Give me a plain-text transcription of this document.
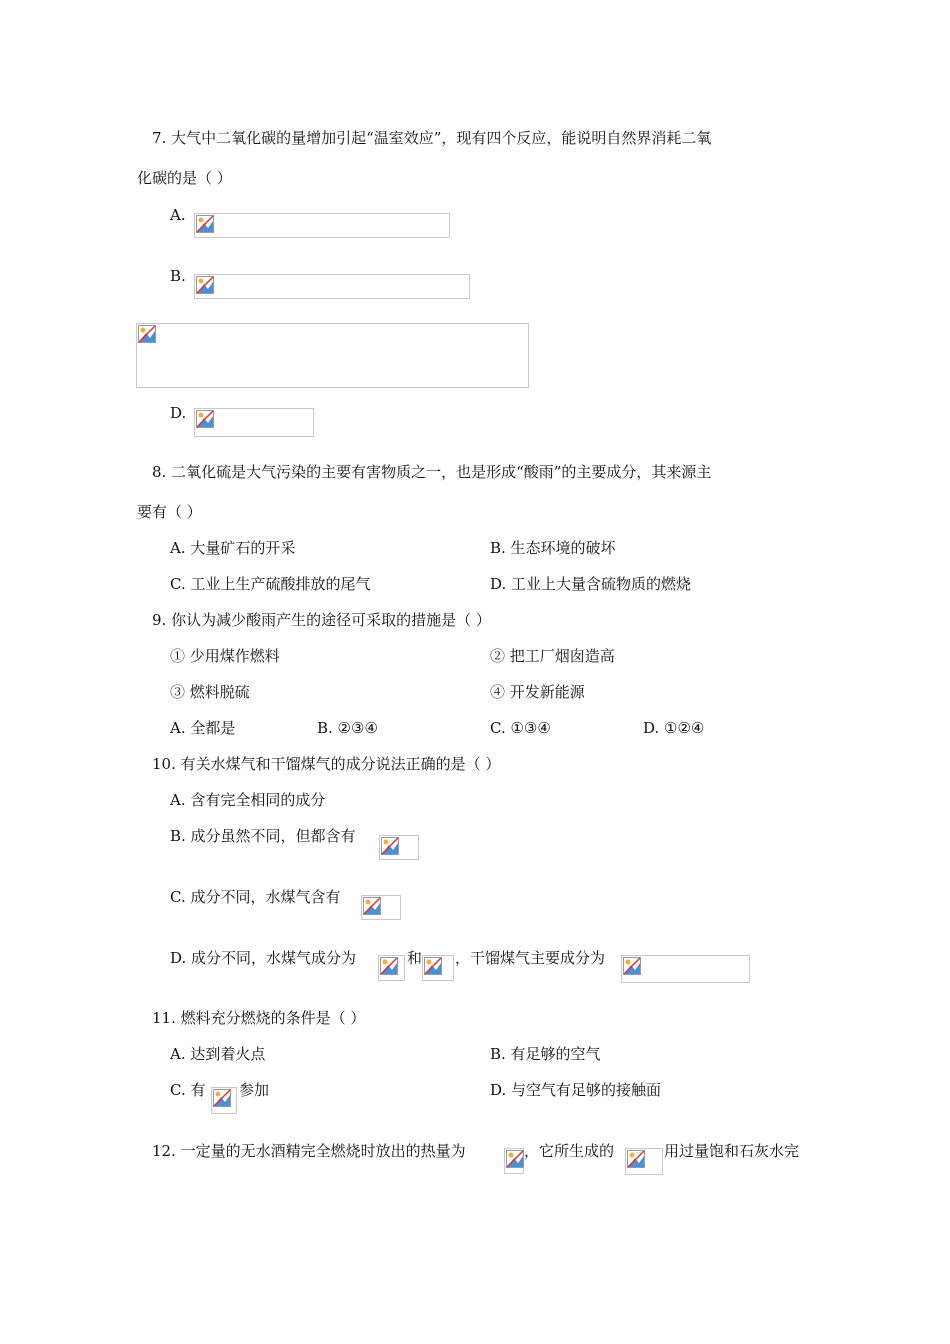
7. 大气中二氧化碳的量增加引起“温室效应”，现有四个反应，能说明自然界消耗二氧
化碳的是（ ）
A.
B.
D.
8. 二氧化硫是大气污染的主要有害物质之一，也是形成“酸雨”的主要成分，其来源主
要有（ ）
A. 大量矿石的开采	B. 生态环境的破坏
C. 工业上生产硫酸排放的尾气	D. 工业上大量含硫物质的燃烧
9. 你认为减少酸雨产生的途径可采取的措施是（ ）
① 少用煤作燃料	② 把工厂烟囱造高
③ 燃料脱硫	④ 开发新能源
A. 全都是	B. ②③④	C. ①③④	D. ①②④
10. 有关水煤气和干馏煤气的成分说法正确的是（ ）
A. 含有完全相同的成分
B. 成分虽然不同，但都含有
C. 成分不同，水煤气含有
D. 成分不同，水煤气成分为	和 ，干馏煤气主要成分为
11. 燃料充分燃烧的条件是（ ）
A. 达到着火点	B. 有足够的空气
C. 有 参加	D. 与空气有足够的接触面
12. 一定量的无水酒精完全燃烧时放出的热量为	，它所生成的	用过量饱和石灰水完
